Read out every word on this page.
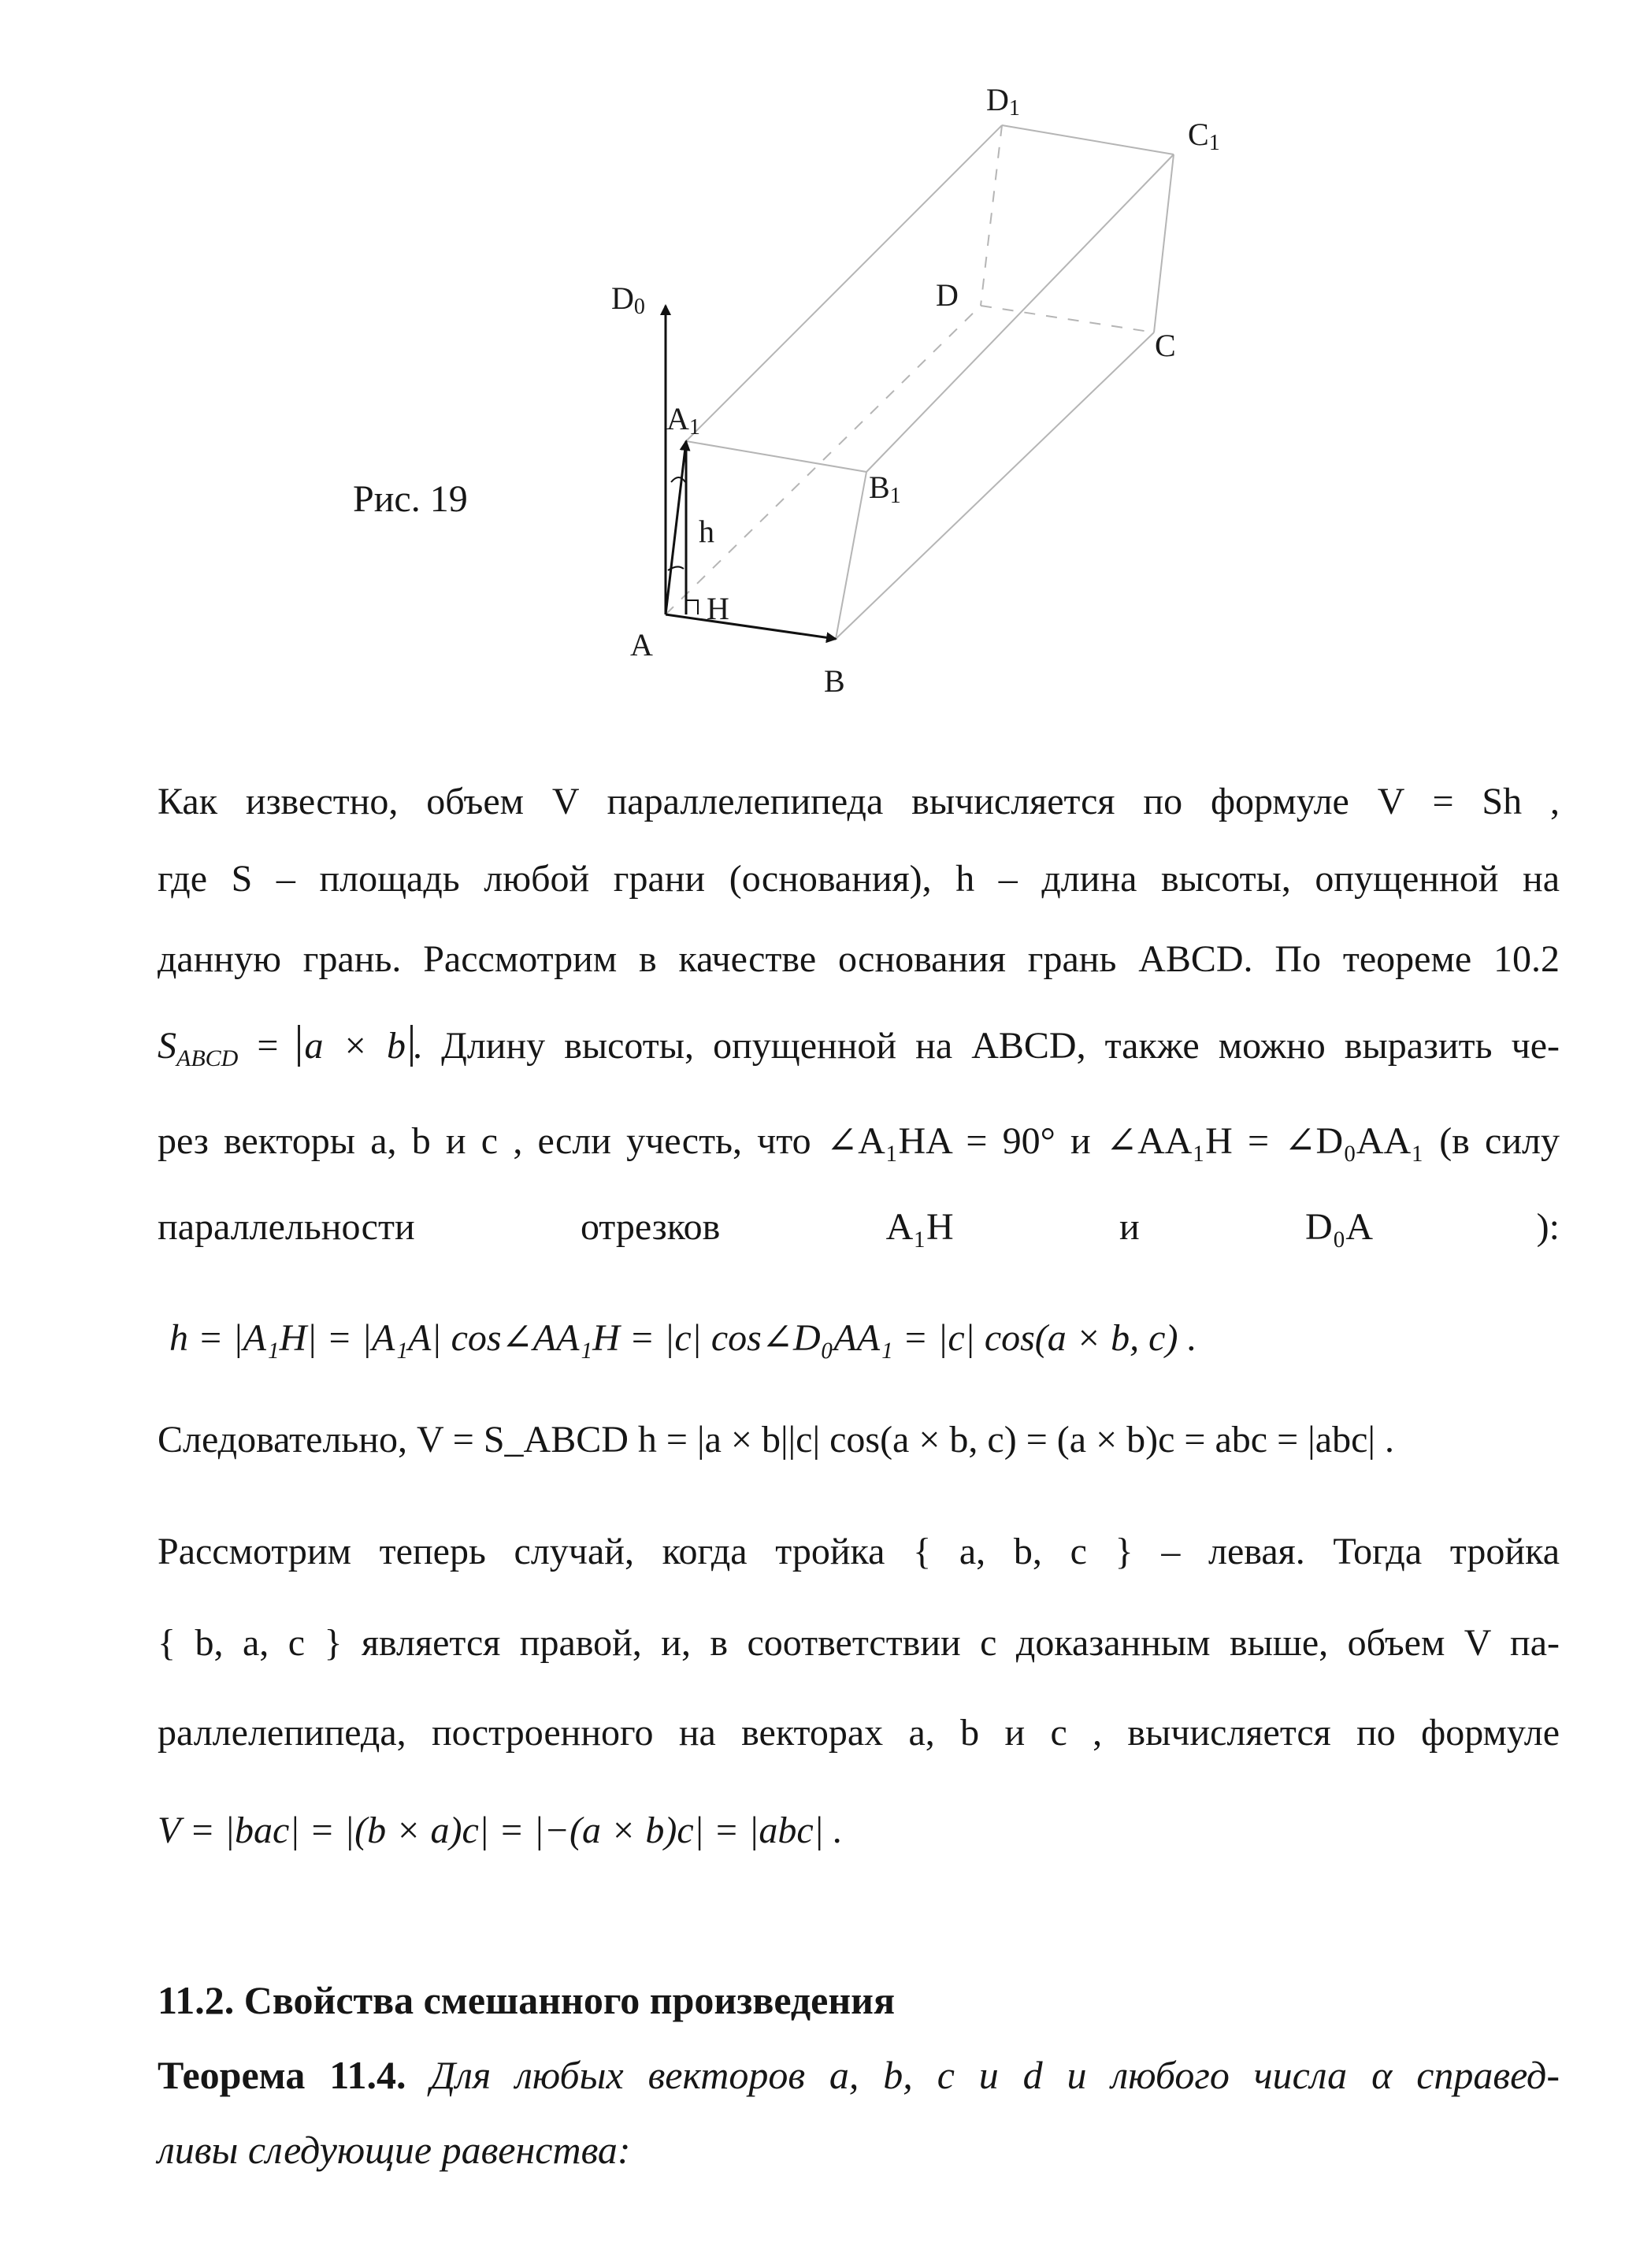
D1
C1
D0	D
C
A1
B1
h
H
A
B
Рис. 19
Как известно, объем V параллелепипеда вычисляется по формуле V = Sh ,
где S – площадь любой грани (основания), h – длина высоты, опущенной на
данную грань. Рассмотрим в качестве основания грань ABCD. По теореме 10.2
$S_{ABCD} = a \times b$ . Длину высоты, опущенной на ABCD, также можно выразить че-
рез векторы a, b и c , если учесть, что ∠A₁HA = 90° и ∠AA₁H = ∠D₀AA₁ (в силу
параллельности отрезков A₁H и D₀A ):
h = |A₁H| = |A₁A| cos∠AA₁H = |c| cos∠D₀AA₁ = |c| cos(a × b, c) .
Следовательно, V = S_ABCD h = |a × b||c| cos(a × b, c) = (a × b)c = abc = |abc| .
Рассмотрим теперь случай, когда тройка { a, b, c } – левая. Тогда тройка
{ b, a, c } является правой, и, в соответствии с доказанным выше, объем V па-
раллелепипеда, построенного на векторах a, b и c , вычисляется по формуле
V = |bac| = |(b × a)c| = |−(a × b)c| = |abc| .
11.2. Свойства смешанного произведения
Теорема 11.4. Для любых векторов a, b, c и d и любого числа α справед-
ливы следующие равенства:
